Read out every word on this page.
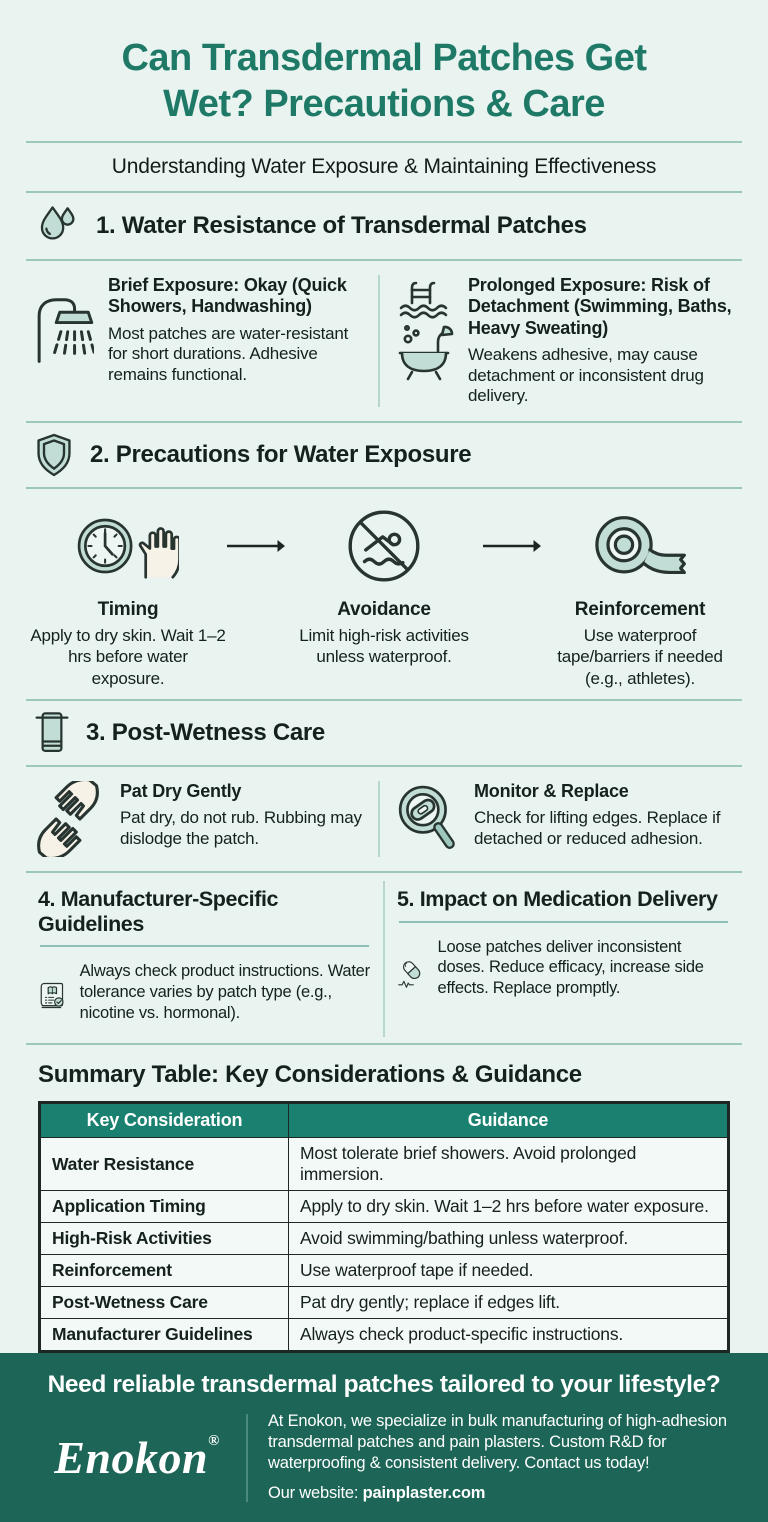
Can Transdermal Patches Get
Wet? Precautions & Care
Understanding Water Exposure & Maintaining Effectiveness
1. Water Resistance of Transdermal Patches
Brief Exposure: Okay (Quick Showers, Handwashing)

Most patches are water-resistant for short durations. Adhesive remains functional.

Prolonged Exposure: Risk of Detachment (Swimming, Baths, Heavy Sweating)

Weakens adhesive, may cause detachment or inconsistent drug delivery.

2. Precautions for Water Exposure
Timing
Apply to dry skin. Wait 1–2 hrs before water exposure.
Avoidance
Limit high-risk activities unless waterproof.
Reinforcement
Use waterproof tape/barriers if needed (e.g., athletes).
3. Post-Wetness Care
Pat Dry Gently

Pat dry, do not rub. Rubbing may dislodge the patch.

Monitor & Replace

Check for lifting edges. Replace if detached or reduced adhesion.

4. Manufacturer-Specific Guidelines

Always check product instructions. Water tolerance varies by patch type (e.g., nicotine vs. hormonal).

5. Impact on Medication Delivery

Loose patches deliver inconsistent doses. Reduce efficacy, increase side effects. Replace promptly.

Summary Table: Key Considerations & Guidance
Key Consideration	Guidance
Water Resistance	Most tolerate brief showers. Avoid prolonged immersion.
Application Timing	Apply to dry skin. Wait 1–2 hrs before water exposure.
High-Risk Activities	Avoid swimming/bathing unless waterproof.
Reinforcement	Use waterproof tape if needed.
Post-Wetness Care	Pat dry gently; replace if edges lift.
Manufacturer Guidelines	Always check product-specific instructions.
Need reliable transdermal patches tailored to your lifestyle?
Enokon®

At Enokon, we specialize in bulk manufacturing of high-adhesion transdermal patches and pain plasters. Custom R&D for waterproofing & consistent delivery. Contact us today!

Our website: painplaster.com
